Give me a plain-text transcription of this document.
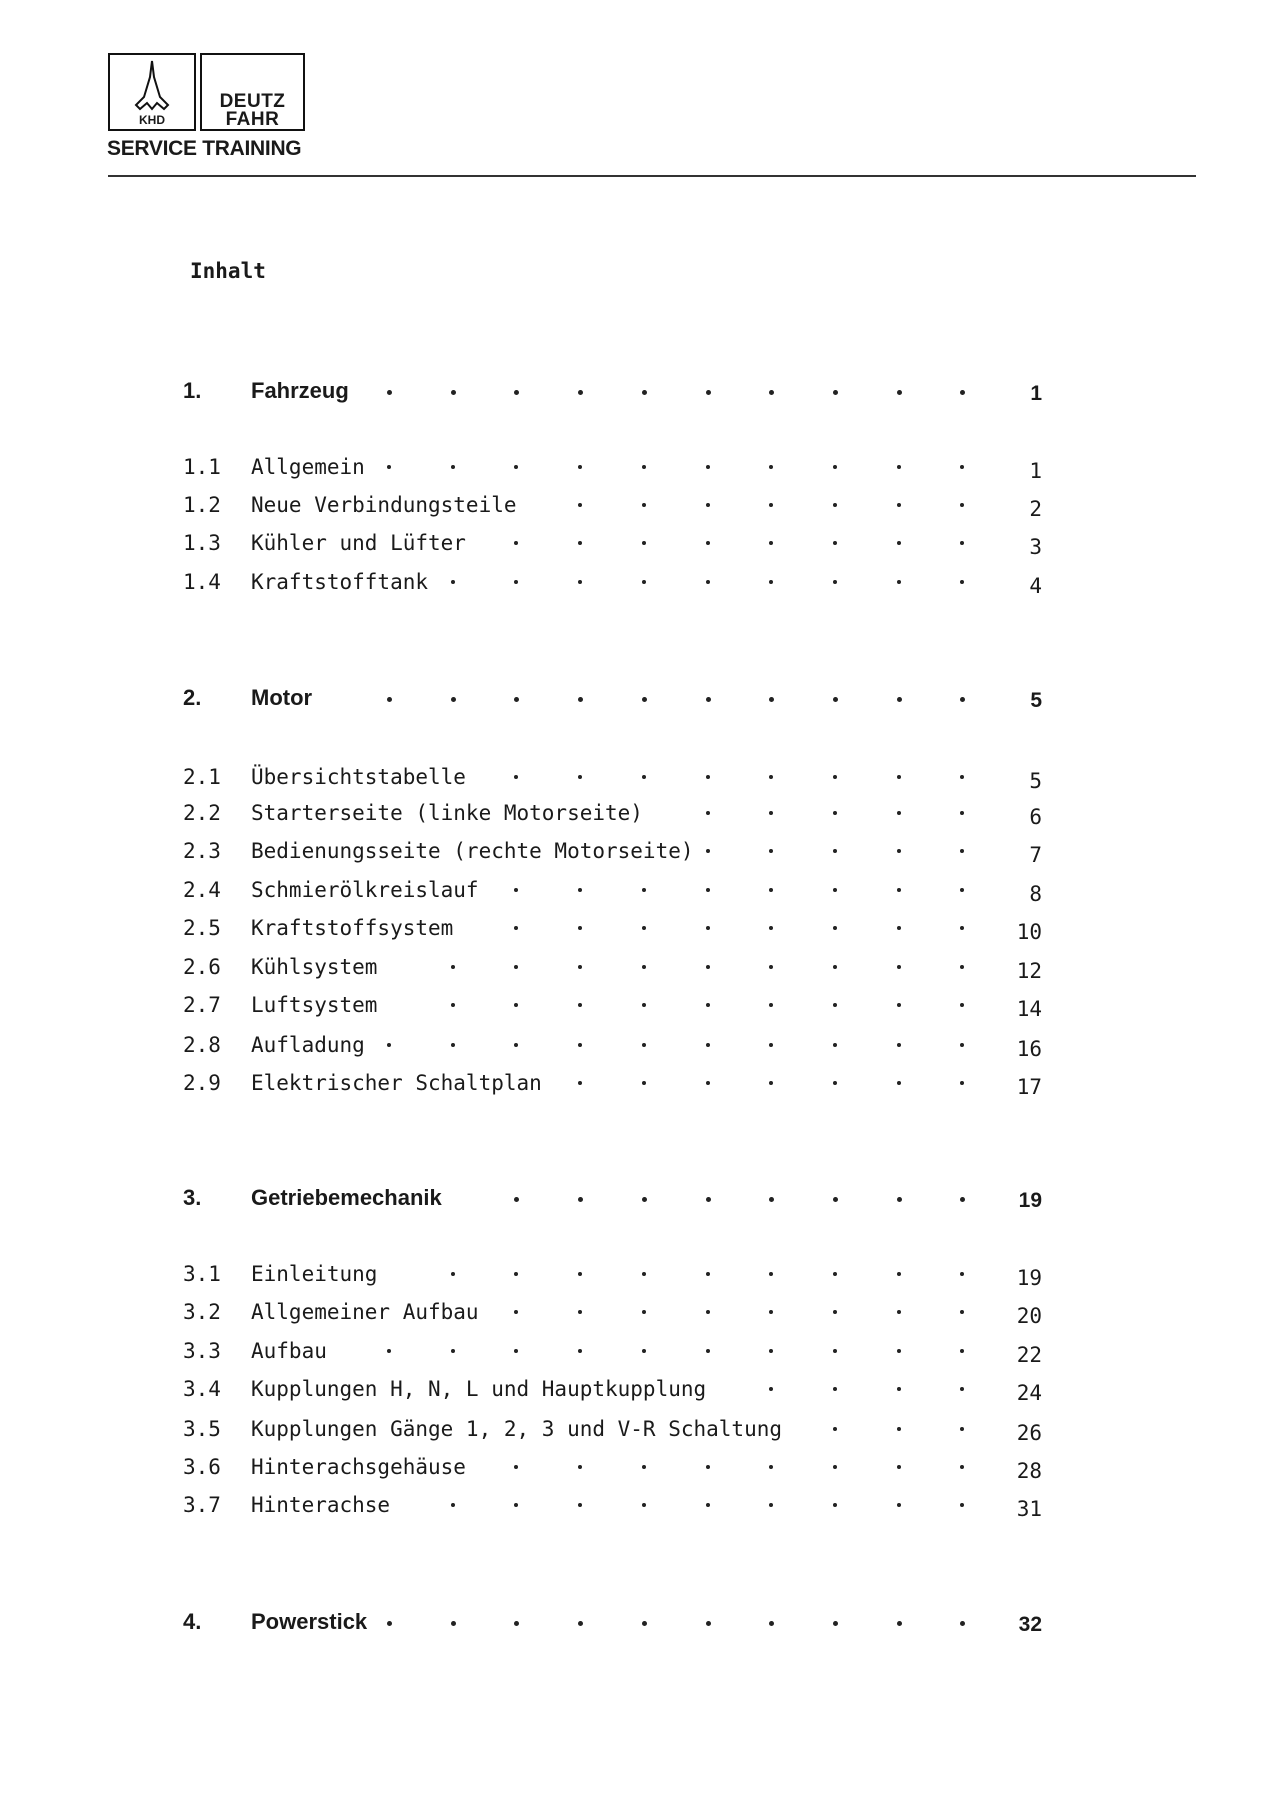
KHD
DEUTZ
FAHR
SERVICE TRAINING
Inhalt
1. Fahrzeug	1
1.1 Allgemein	1
1.2 Neue Verbindungsteile	2
1.3 Kühler und Lüfter	3
1.4 Kraftstofftank	4
2. Motor	5
2.1 Übersichtstabelle	5
2.2 Starterseite (linke Motorseite)	6
2.3 Bedienungsseite (rechte Motorseite)	7
2.4 Schmierölkreislauf	8
2.5 Kraftstoffsystem	10
2.6 Kühlsystem	12
2.7 Luftsystem	14
2.8 Aufladung	16
2.9 Elektrischer Schaltplan	17
3. Getriebemechanik	19
3.1 Einleitung	19
3.2 Allgemeiner Aufbau	20
3.3 Aufbau	22
3.4 Kupplungen H, N, L und Hauptkupplung	24
3.5 Kupplungen Gänge 1, 2, 3 und V-R Schaltung	26
3.6 Hinterachsgehäuse	28
3.7 Hinterachse	31
4. Powerstick	32
